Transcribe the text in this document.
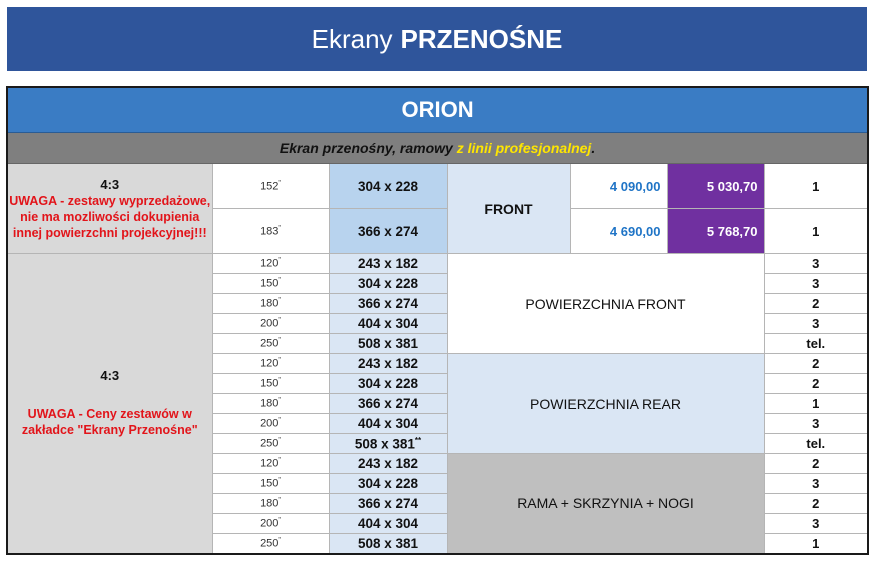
Ekrany PRZENOŚNE
ORION						
Ekran przenośny, ramowy z linii profesjonalnej.						

4:3
UWAGA - zestawy wyprzedażowe, nie ma mozliwości dokupienia innej powierzchni projekcyjnej!!!	152"	304 x 228	FRONT	4 090,00	5 030,70	1
	183"	366 x 274		4 690,00	5 768,70	1

4:3
UWAGA - Ceny zestawów w zakładce "Ekrany Przenośne"	120"	243 x 182	POWIERZCHNIA FRONT			3
	150"	304 x 228				3
	180"	366 x 274				2
	200"	404 x 304				3
	250"	508 x 381				tel.
	120"	243 x 182	POWIERZCHNIA REAR			2
	150"	304 x 228				2
	180"	366 x 274				1
	200"	404 x 304				3
	250"	508 x 381**				tel.
	120"	243 x 182	RAMA + SKRZYNIA + NOGI			2
	150"	304 x 228				3
	180"	366 x 274				2
	200"	404 x 304				3
	250"	508 x 381				1
